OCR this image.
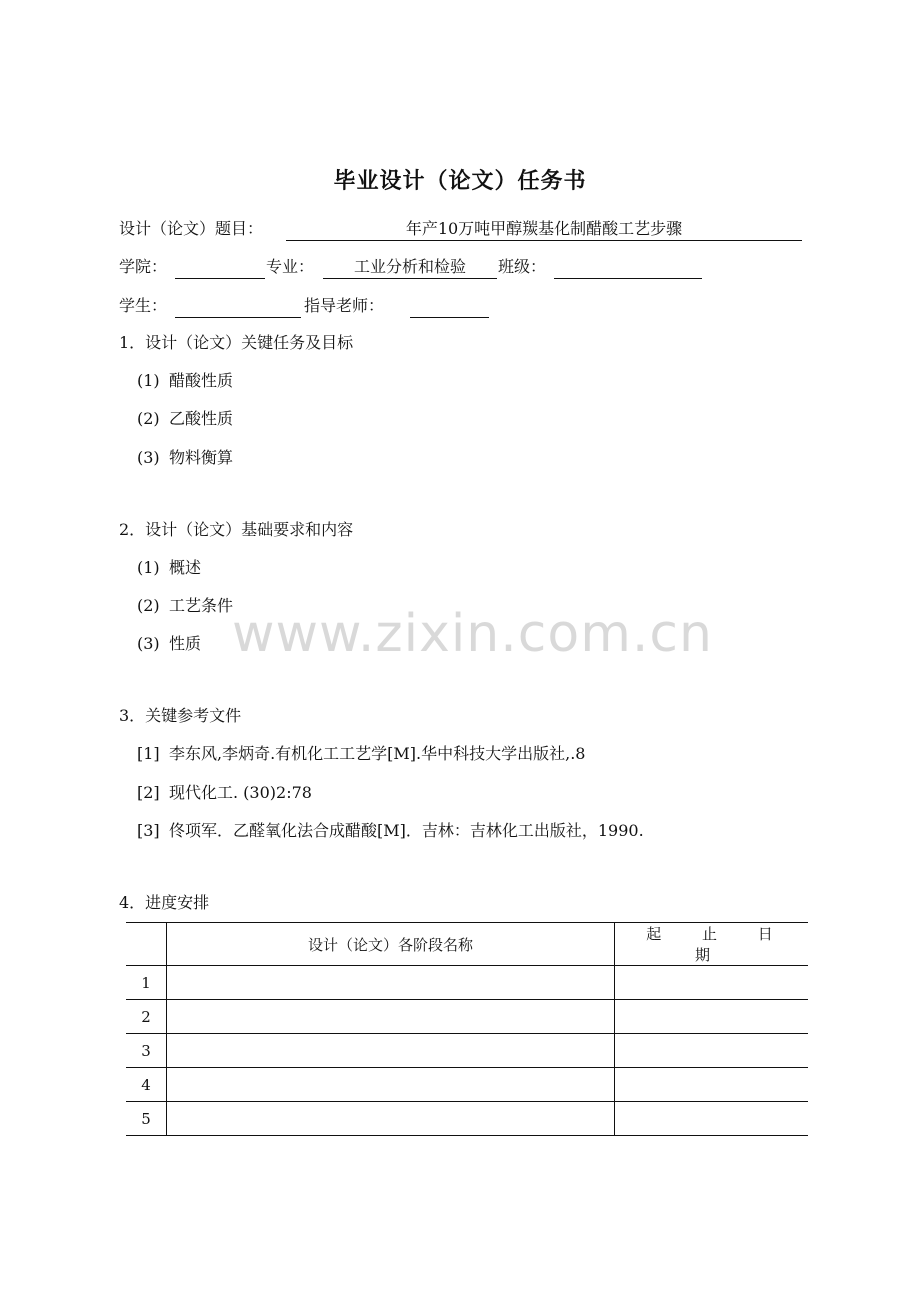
毕业设计（论文）任务书
设计（论文）题目：	年产10万吨甲醇羰基化制醋酸工艺步骤
学院：	专业：	工业分析和检验	班级：
学生：	指导老师：
1．设计（论文）关键任务及目标
(1) 醋酸性质
(2) 乙酸性质
(3) 物料衡算
2．设计（论文）基础要求和内容
(1) 概述
(2) 工艺条件
(3) 性质 www.zixin.com.cn
3．关键参考文件
[1] 李东风,李炳奇.有机化工工艺学[M].华中科技大学出版社,.8
[2] 现代化工. (30)2:78
[3] 佟项军．乙醛氧化法合成醋酸[M]．吉林：吉林化工出版社，1990.
4．进度安排
	设计（论文）各阶段名称	起 止 日 期
1		
2		
3		
4		
5		
